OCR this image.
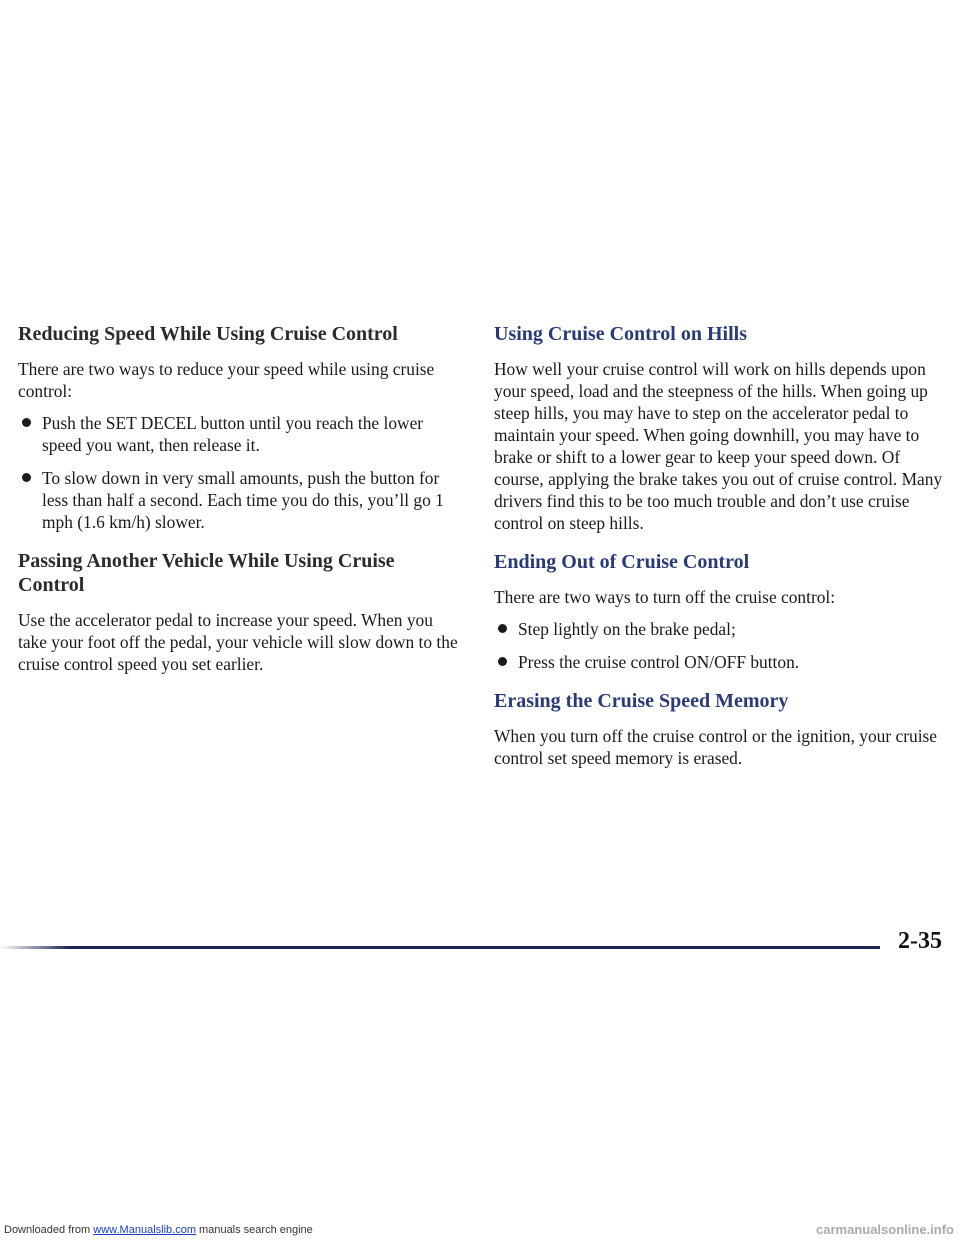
Reducing Speed While Using Cruise Control

There are two ways to reduce your speed while using cruise control:

Push the SET DECEL button until you reach the lower speed you want, then release it.
To slow down in very small amounts, push the button for less than half a second. Each time you do this, you’ll go 1 mph (1.6 km/h) slower.
Passing Another Vehicle While Using Cruise Control

Use the accelerator pedal to increase your speed. When you take your foot off the pedal, your vehicle will slow down to the cruise control speed you set earlier.

Using Cruise Control on Hills

How well your cruise control will work on hills depends upon your speed, load and the steepness of the hills. When going up steep hills, you may have to step on the accelerator pedal to maintain your speed. When going downhill, you may have to brake or shift to a lower gear to keep your speed down. Of course, applying the brake takes you out of cruise control. Many drivers find this to be too much trouble and don’t use cruise control on steep hills.

Ending Out of Cruise Control

There are two ways to turn off the cruise control:

Step lightly on the brake pedal;
Press the cruise control ON/OFF button.
Erasing the Cruise Speed Memory

When you turn off the cruise control or the ignition, your cruise control set speed memory is erased.

2-35
Downloaded from www.Manualslib.com manuals search engine	carmanualsonline.info
